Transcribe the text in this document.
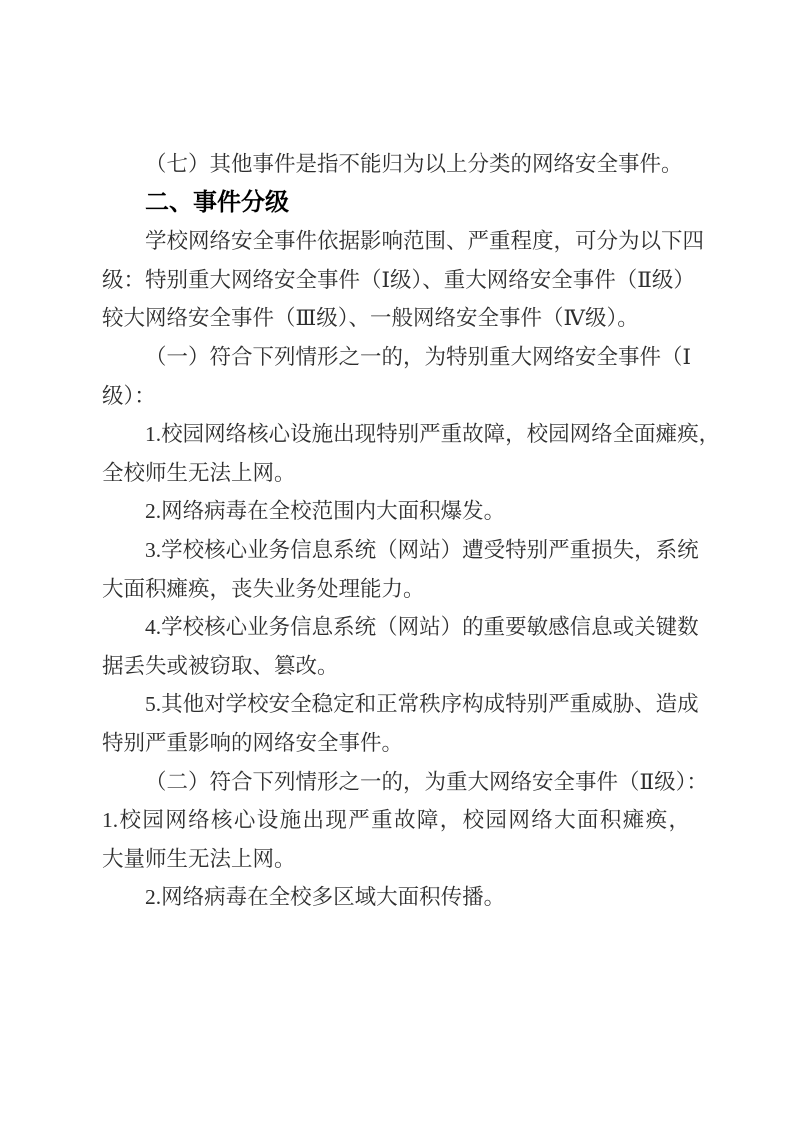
（七）其他事件是指不能归为以上分类的网络安全事件。
二、事件分级
学校网络安全事件依据影响范围、严重程度，可分为以下四
级：特别重大网络安全事件（Ⅰ级）、重大网络安全事件（Ⅱ级）
较大网络安全事件（Ⅲ级）、一般网络安全事件（Ⅳ级）。
（一）符合下列情形之一的，为特别重大网络安全事件（Ⅰ
级）：
1.校园网络核心设施出现特别严重故障，校园网络全面瘫痪，
全校师生无法上网。
2.网络病毒在全校范围内大面积爆发。
3.学校核心业务信息系统（网站）遭受特别严重损失，系统
大面积瘫痪，丧失业务处理能力。
4.学校核心业务信息系统（网站）的重要敏感信息或关键数
据丢失或被窃取、篡改。
5.其他对学校安全稳定和正常秩序构成特别严重威胁、造成
特别严重影响的网络安全事件。
（二）符合下列情形之一的，为重大网络安全事件（Ⅱ级）：
1.校园网络核心设施出现严重故障，校园网络大面积瘫痪，
大量师生无法上网。
2.网络病毒在全校多区域大面积传播。
